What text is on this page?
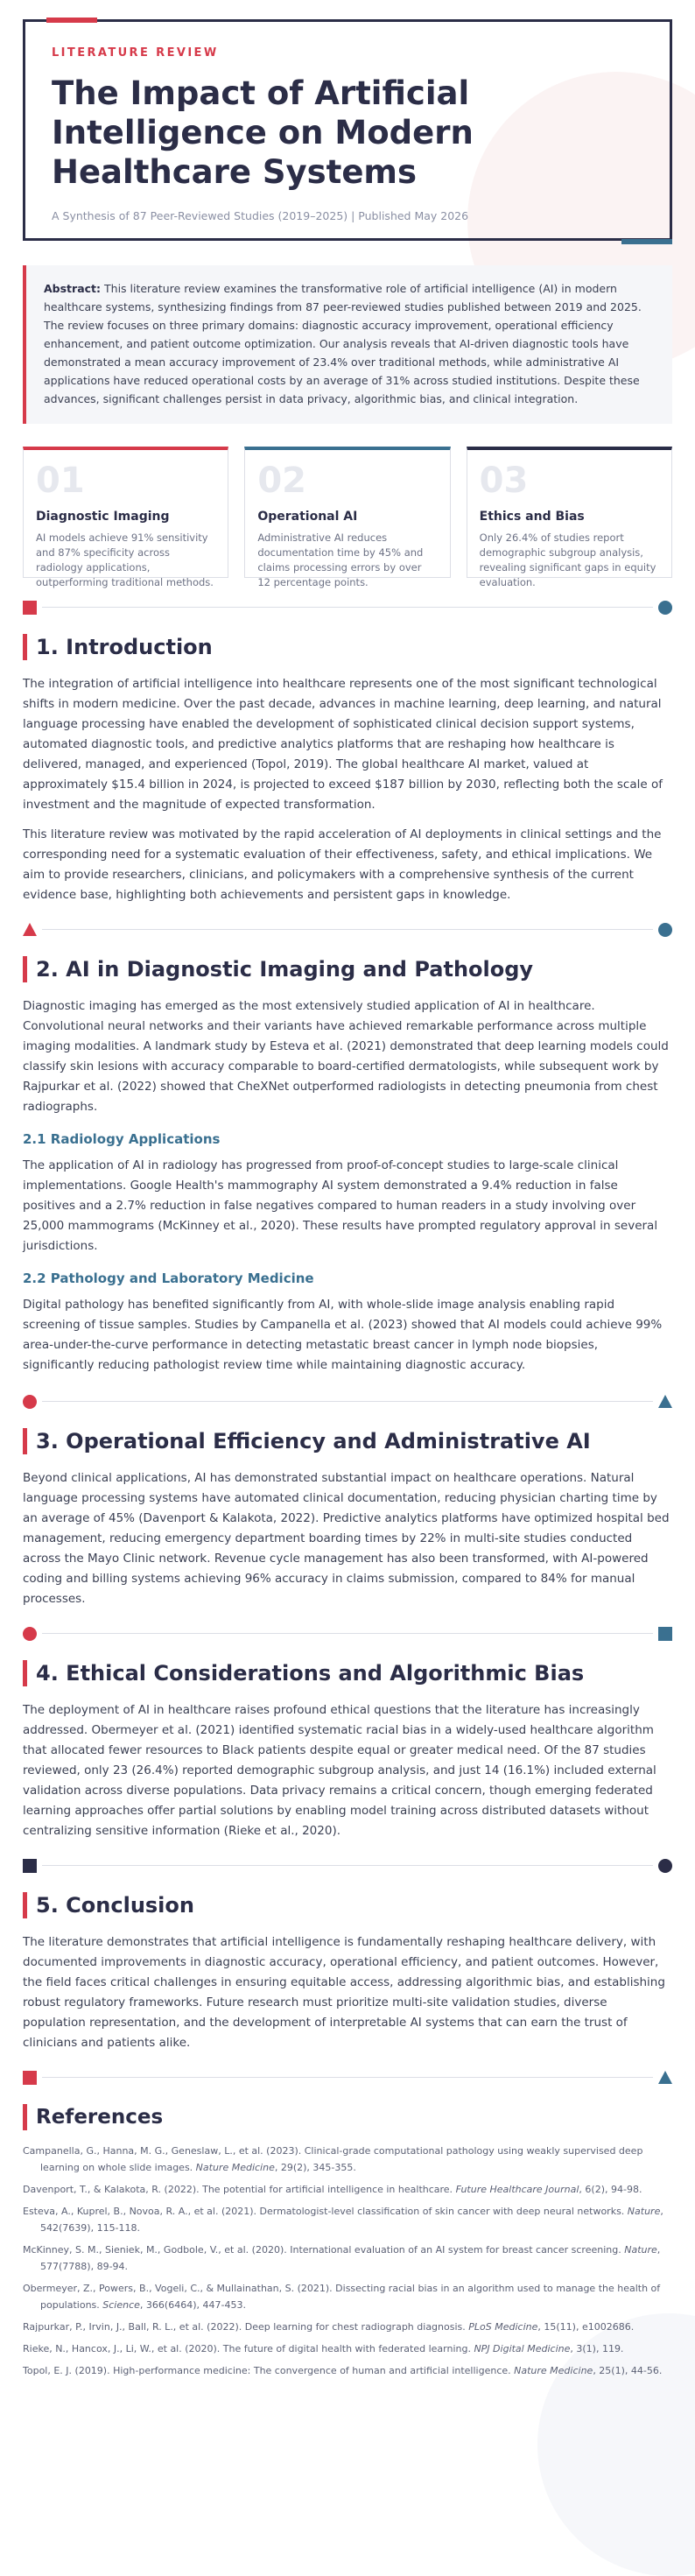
LITERATURE REVIEW
The Impact of Artificial Intelligence on Modern Healthcare Systems
A Synthesis of 87 Peer-Reviewed Studies (2019–2025) | Published May 2026
Abstract: This literature review examines the transformative role of artificial intelligence (AI) in modern healthcare systems, synthesizing findings from 87 peer-reviewed studies published between 2019 and 2025. The review focuses on three primary domains: diagnostic accuracy improvement, operational efficiency enhancement, and patient outcome optimization. Our analysis reveals that AI-driven diagnostic tools have demonstrated a mean accuracy improvement of 23.4% over traditional methods, while administrative AI applications have reduced operational costs by an average of 31% across studied institutions. Despite these advances, significant challenges persist in data privacy, algorithmic bias, and clinical integration.
01
Diagnostic Imaging
AI models achieve 91% sensitivity and 87% specificity across radiology applications, outperforming traditional methods.
02
Operational AI
Administrative AI reduces documentation time by 45% and claims processing errors by over 12 percentage points.
03
Ethics and Bias
Only 26.4% of studies report demographic subgroup analysis, revealing significant gaps in equity evaluation.
1. Introduction

The integration of artificial intelligence into healthcare represents one of the most significant technological shifts in modern medicine. Over the past decade, advances in machine learning, deep learning, and natural language processing have enabled the development of sophisticated clinical decision support systems, automated diagnostic tools, and predictive analytics platforms that are reshaping how healthcare is delivered, managed, and experienced (Topol, 2019). The global healthcare AI market, valued at approximately $15.4 billion in 2024, is projected to exceed $187 billion by 2030, reflecting both the scale of investment and the magnitude of expected transformation.

This literature review was motivated by the rapid acceleration of AI deployments in clinical settings and the corresponding need for a systematic evaluation of their effectiveness, safety, and ethical implications. We aim to provide researchers, clinicians, and policymakers with a comprehensive synthesis of the current evidence base, highlighting both achievements and persistent gaps in knowledge.

2. AI in Diagnostic Imaging and Pathology

Diagnostic imaging has emerged as the most extensively studied application of AI in healthcare. Convolutional neural networks and their variants have achieved remarkable performance across multiple imaging modalities. A landmark study by Esteva et al. (2021) demonstrated that deep learning models could classify skin lesions with accuracy comparable to board-certified dermatologists, while subsequent work by Rajpurkar et al. (2022) showed that CheXNet outperformed radiologists in detecting pneumonia from chest radiographs.

2.1 Radiology Applications

The application of AI in radiology has progressed from proof-of-concept studies to large-scale clinical implementations. Google Health's mammography AI system demonstrated a 9.4% reduction in false positives and a 2.7% reduction in false negatives compared to human readers in a study involving over 25,000 mammograms (McKinney et al., 2020). These results have prompted regulatory approval in several jurisdictions.

2.2 Pathology and Laboratory Medicine

Digital pathology has benefited significantly from AI, with whole-slide image analysis enabling rapid screening of tissue samples. Studies by Campanella et al. (2023) showed that AI models could achieve 99% area-under-the-curve performance in detecting metastatic breast cancer in lymph node biopsies, significantly reducing pathologist review time while maintaining diagnostic accuracy.

3. Operational Efficiency and Administrative AI

Beyond clinical applications, AI has demonstrated substantial impact on healthcare operations. Natural language processing systems have automated clinical documentation, reducing physician charting time by an average of 45% (Davenport & Kalakota, 2022). Predictive analytics platforms have optimized hospital bed management, reducing emergency department boarding times by 22% in multi-site studies conducted across the Mayo Clinic network. Revenue cycle management has also been transformed, with AI-powered coding and billing systems achieving 96% accuracy in claims submission, compared to 84% for manual processes.

4. Ethical Considerations and Algorithmic Bias

The deployment of AI in healthcare raises profound ethical questions that the literature has increasingly addressed. Obermeyer et al. (2021) identified systematic racial bias in a widely-used healthcare algorithm that allocated fewer resources to Black patients despite equal or greater medical need. Of the 87 studies reviewed, only 23 (26.4%) reported demographic subgroup analysis, and just 14 (16.1%) included external validation across diverse populations. Data privacy remains a critical concern, though emerging federated learning approaches offer partial solutions by enabling model training across distributed datasets without centralizing sensitive information (Rieke et al., 2020).

5. Conclusion

The literature demonstrates that artificial intelligence is fundamentally reshaping healthcare delivery, with documented improvements in diagnostic accuracy, operational efficiency, and patient outcomes. However, the field faces critical challenges in ensuring equitable access, addressing algorithmic bias, and establishing robust regulatory frameworks. Future research must prioritize multi-site validation studies, diverse population representation, and the development of interpretable AI systems that can earn the trust of clinicians and patients alike.

References

Campanella, G., Hanna, M. G., Geneslaw, L., et al. (2023). Clinical-grade computational pathology using weakly supervised deep learning on whole slide images. Nature Medicine, 29(2), 345-355.

Davenport, T., & Kalakota, R. (2022). The potential for artificial intelligence in healthcare. Future Healthcare Journal, 6(2), 94-98.

Esteva, A., Kuprel, B., Novoa, R. A., et al. (2021). Dermatologist-level classification of skin cancer with deep neural networks. Nature, 542(7639), 115-118.

McKinney, S. M., Sieniek, M., Godbole, V., et al. (2020). International evaluation of an AI system for breast cancer screening. Nature, 577(7788), 89-94.

Obermeyer, Z., Powers, B., Vogeli, C., & Mullainathan, S. (2021). Dissecting racial bias in an algorithm used to manage the health of populations. Science, 366(6464), 447-453.

Rajpurkar, P., Irvin, J., Ball, R. L., et al. (2022). Deep learning for chest radiograph diagnosis. PLoS Medicine, 15(11), e1002686.

Rieke, N., Hancox, J., Li, W., et al. (2020). The future of digital health with federated learning. NPJ Digital Medicine, 3(1), 119.

Topol, E. J. (2019). High-performance medicine: The convergence of human and artificial intelligence. Nature Medicine, 25(1), 44-56.
